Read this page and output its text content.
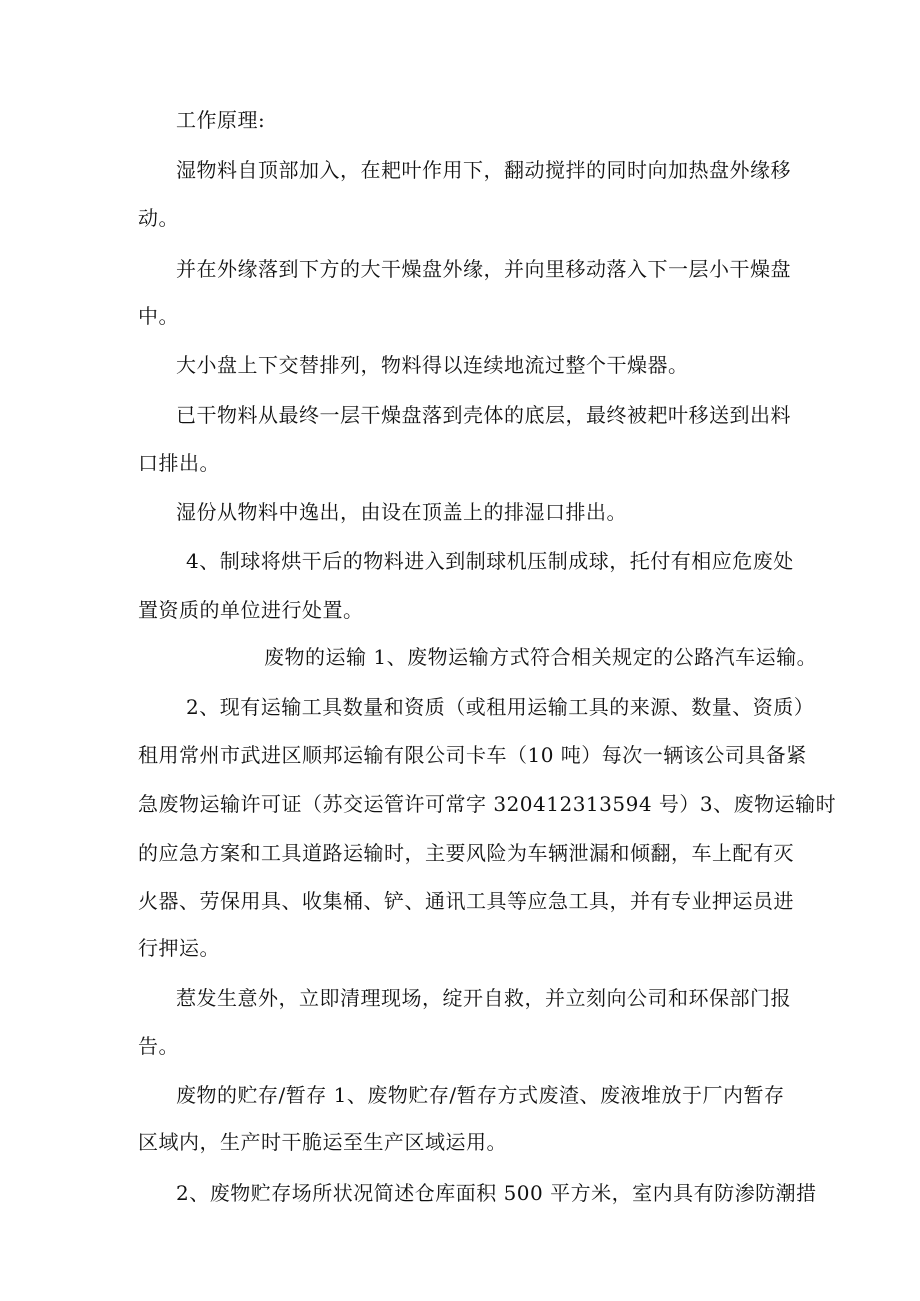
工作原理:

湿物料自顶部加入，在耙叶作用下，翻动搅拌的同时向加热盘外缘移

动。

并在外缘落到下方的大干燥盘外缘，并向里移动落入下一层小干燥盘

中。

大小盘上下交替排列，物料得以连续地流过整个干燥器。

已干物料从最终一层干燥盘落到壳体的底层，最终被耙叶移送到出料

口排出。

湿份从物料中逸出，由设在顶盖上的排湿口排出。

4、制球将烘干后的物料进入到制球机压制成球，托付有相应危废处

置资质的单位进行处置。

废物的运输 1、废物运输方式符合相关规定的公路汽车运输。

2、现有运输工具数量和资质（或租用运输工具的来源、数量、资质）

租用常州市武进区顺邦运输有限公司卡车（10 吨）每次一辆该公司具备紧

急废物运输许可证（苏交运管许可常字 320412313594 号）3、废物运输时

的应急方案和工具道路运输时，主要风险为车辆泄漏和倾翻，车上配有灭

火器、劳保用具、收集桶、铲、通讯工具等应急工具，并有专业押运员进

行押运。

惹发生意外，立即清理现场，绽开自救，并立刻向公司和环保部门报

告。

废物的贮存/暂存 1、废物贮存/暂存方式废渣、废液堆放于厂内暂存

区域内，生产时干脆运至生产区域运用。

2、废物贮存场所状况简述仓库面积 500 平方米，室内具有防渗防潮措
